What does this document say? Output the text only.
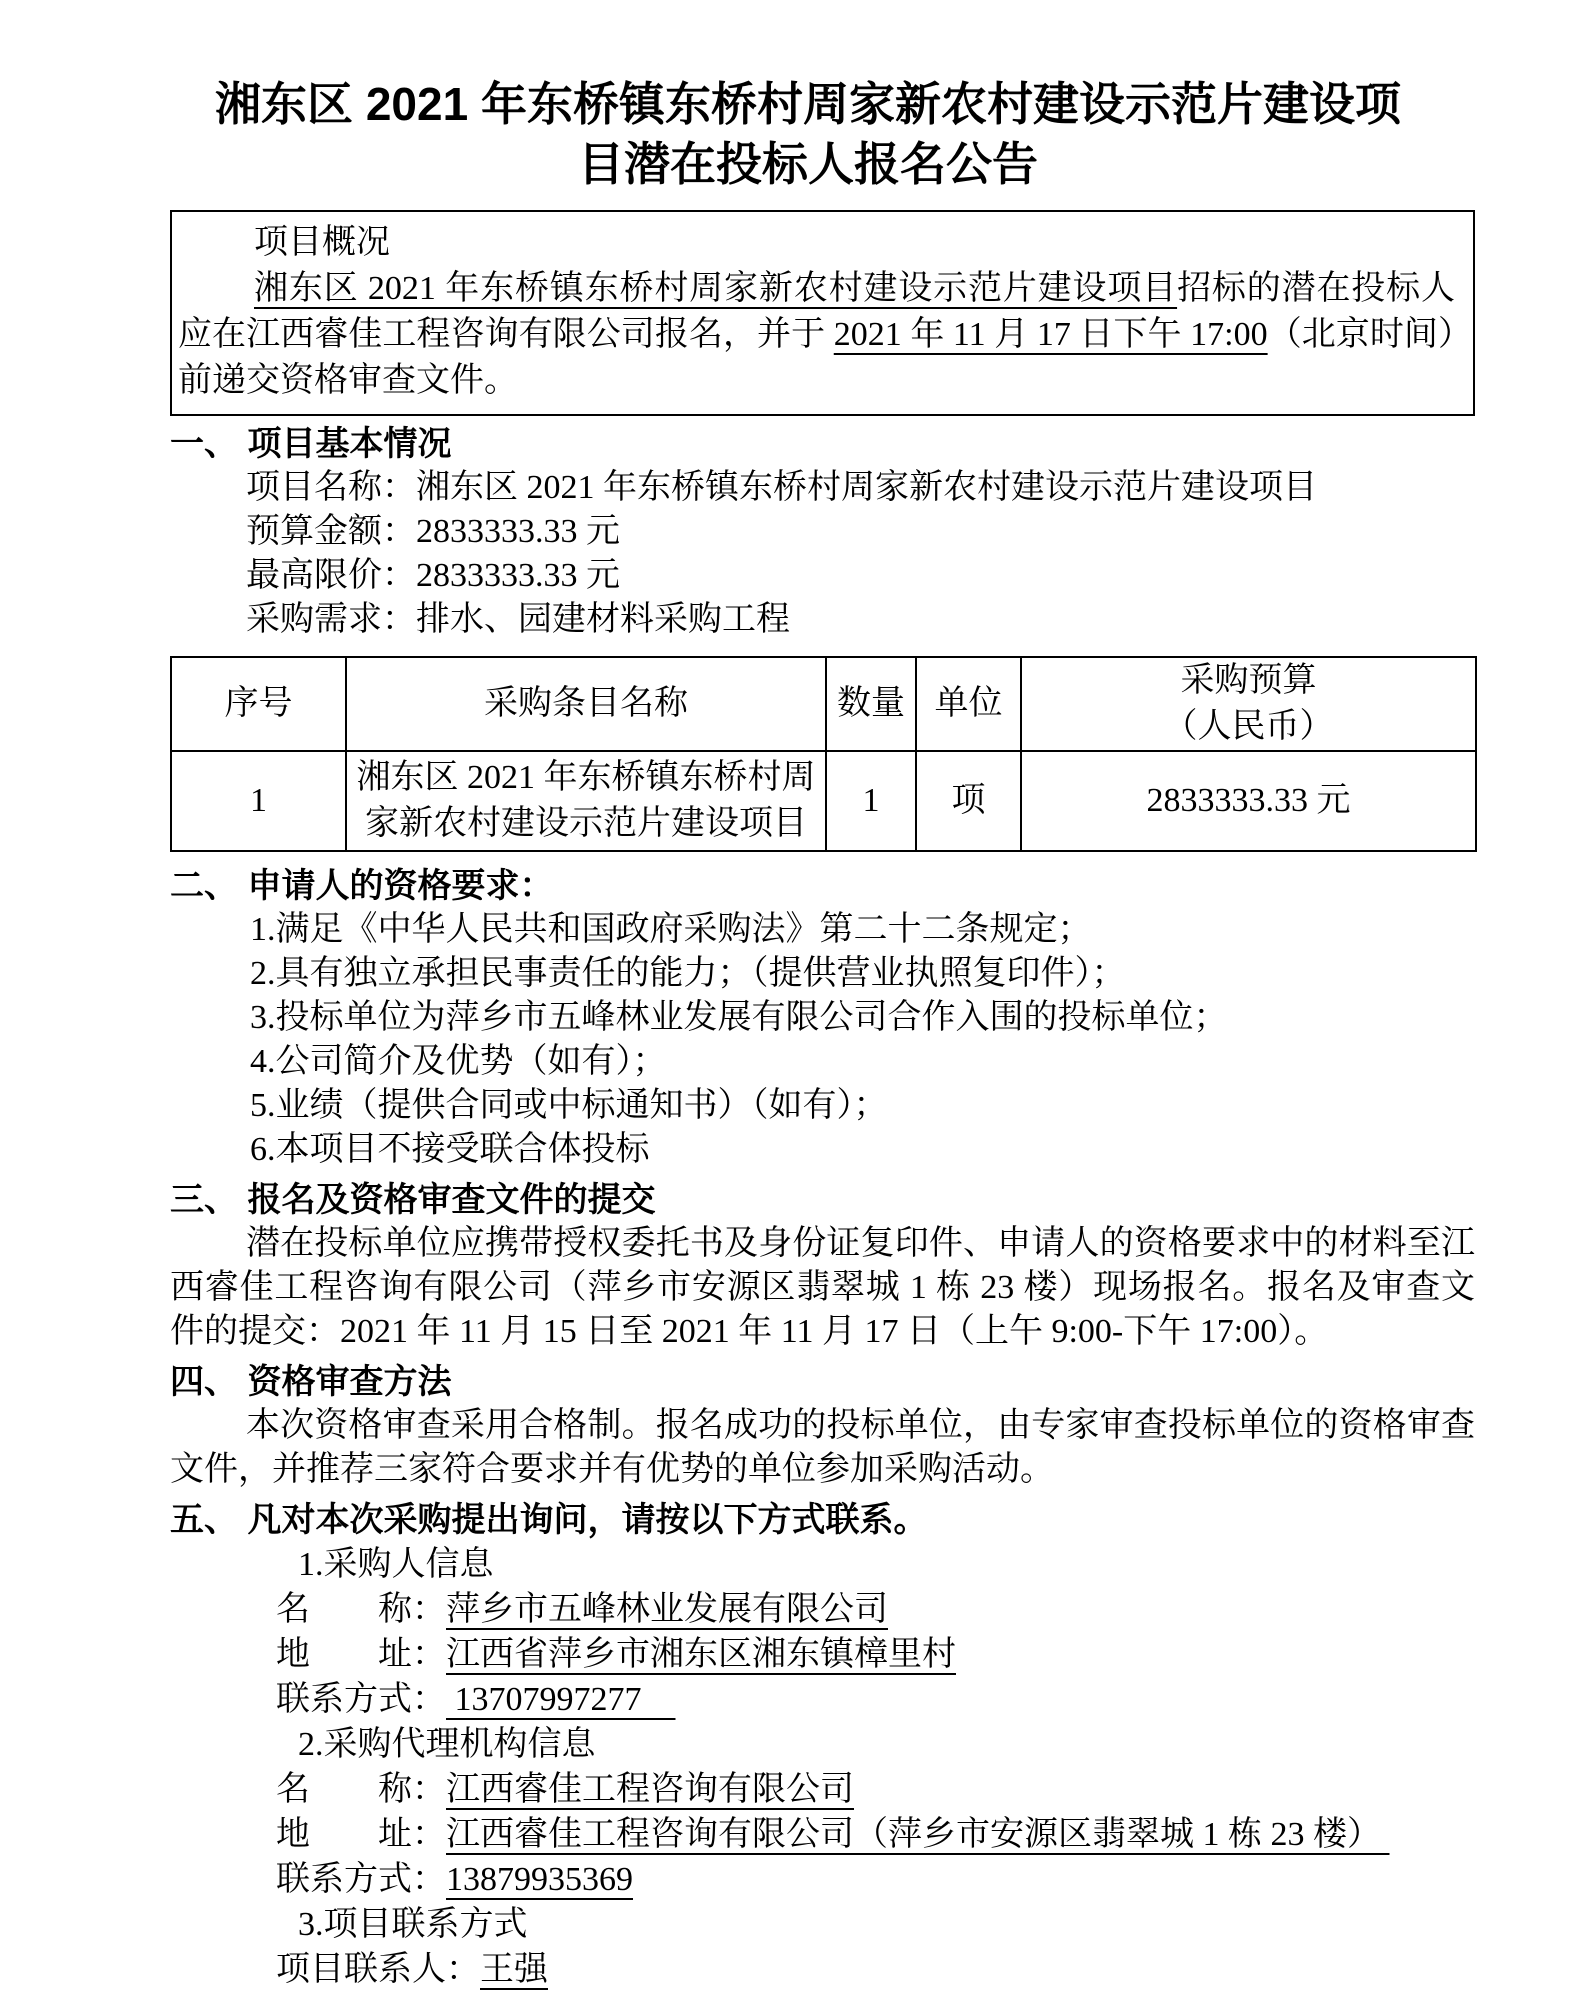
湘东区 2021 年东桥镇东桥村周家新农村建设示范片建设项
目潜在投标人报名公告

项目概况

湘东区 2021 年东桥镇东桥村周家新农村建设示范片建设项目招标的潜在投标人应在江西睿佳工程咨询有限公司报名，并于 2021 年 11 月 17 日下午 17:00（北京时间）前递交资格审查文件。

一、 项目基本情况

项目名称：湘东区 2021 年东桥镇东桥村周家新农村建设示范片建设项目

预算金额：2833333.33 元

最高限价：2833333.33 元

采购需求：排水、园建材料采购工程

序号	采购条目名称	数量	单位	采购预算
（人民币）

1	湘东区 2021 年东桥镇东桥村周
家新农村建设示范片建设项目	1	项	2833333.33 元
二、 申请人的资格要求：

1.满足《中华人民共和国政府采购法》第二十二条规定；

2.具有独立承担民事责任的能力；（提供营业执照复印件）；

3.投标单位为萍乡市五峰林业发展有限公司合作入围的投标单位；

4.公司简介及优势（如有）；

5.业绩（提供合同或中标通知书）（如有）；

6.本项目不接受联合体投标

三、 报名及资格审查文件的提交

潜在投标单位应携带授权委托书及身份证复印件、申请人的资格要求中的材料至江西睿佳工程咨询有限公司（萍乡市安源区翡翠城 1 栋 23 楼）现场报名。报名及审查文件的提交：2021 年 11 月 15 日至 2021 年 11 月 17 日（上午 9:00-下午 17:00）。

四、 资格审查方法

本次资格审查采用合格制。报名成功的投标单位，由专家审查投标单位的资格审查文件，并推荐三家符合要求并有优势的单位参加采购活动。

五、 凡对本次采购提出询问，请按以下方式联系。

1.采购人信息

名　　称：萍乡市五峰林业发展有限公司

地　　址：江西省萍乡市湘东区湘东镇樟里村

联系方式： 13707997277

2.采购代理机构信息

名　　称：江西睿佳工程咨询有限公司

地　　址：江西睿佳工程咨询有限公司（萍乡市安源区翡翠城 1 栋 23 楼）

联系方式：13879935369

3.项目联系方式

项目联系人：王强
